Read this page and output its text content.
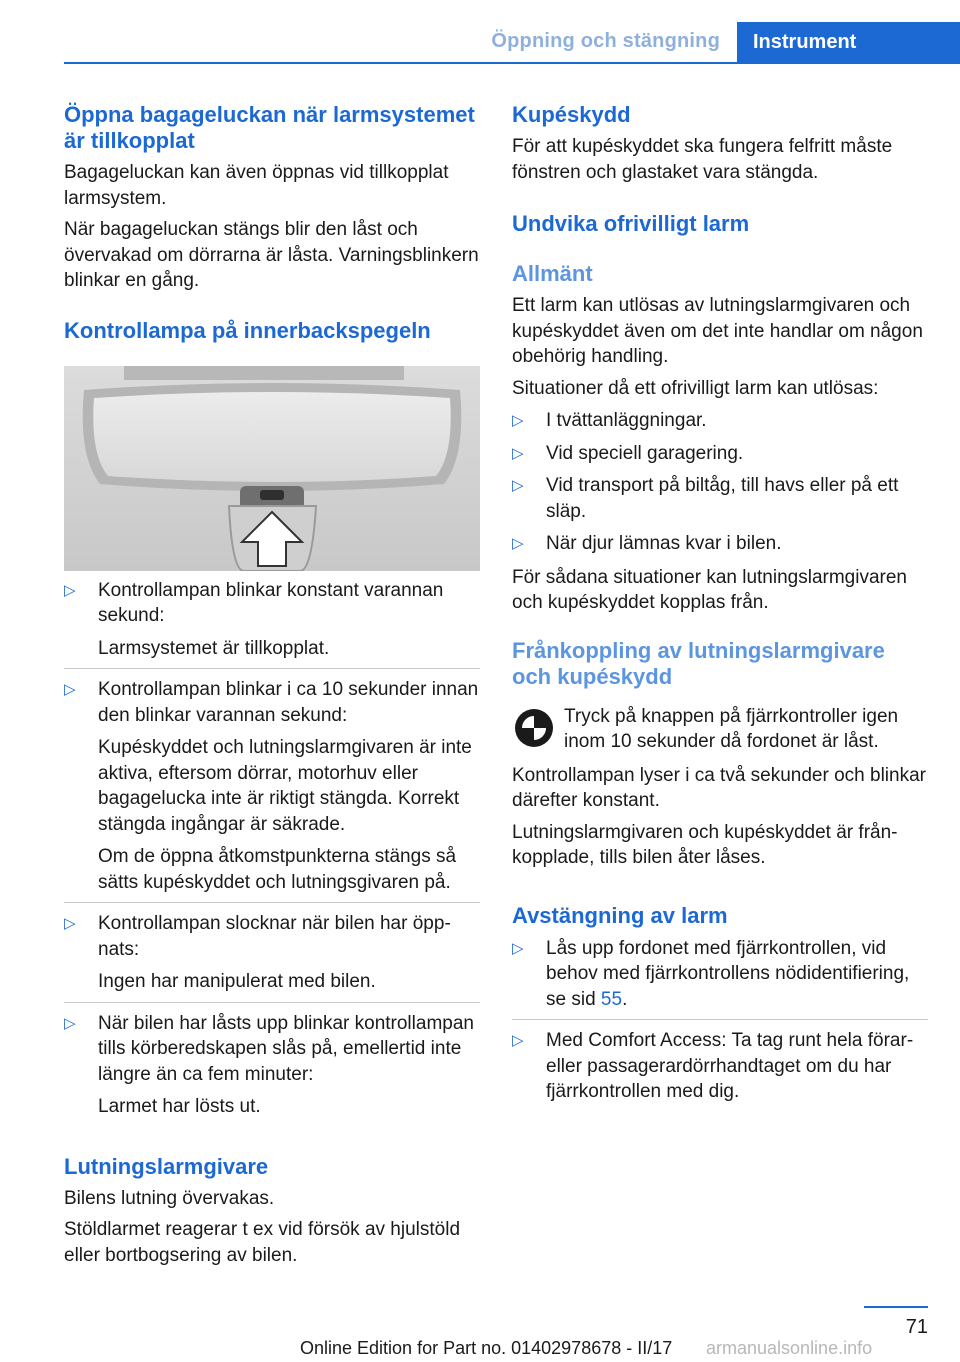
Öppning och stängning	Instrument
Öppna bagageluckan när larmsystemet är tillkopplat

Bagageluckan kan även öppnas vid tillkopplat larmsystem.

När bagageluckan stängs blir den låst och övervakad om dörrarna är låsta. Varningsblinkern blinkar en gång.

Kontrollampa på innerbackspegeln
▷	Kontrollampan blinkar konstant varannan sekund:
Larmsystemet är tillkopplat.
▷	Kontrollampan blinkar i ca 10 sekunder innan den blinkar varannan sekund:
Kupéskyddet och lutningslarmgivaren är inte aktiva, eftersom dörrar, motorhuv eller bagagelucka inte är riktigt stängda. Korrekt stängda ingångar är säkrade.
Om de öppna åtkomstpunkterna stängs så sätts kupéskyddet och lutningsgivaren på.
▷	Kontrollampan slocknar när bilen har öppnats:
Ingen har manipulerat med bilen.
▷	När bilen har låsts upp blinkar kontrollampan tills körberedskapen slås på, emellertid inte längre än ca fem minuter:
Larmet har lösts ut.
Lutningslarmgivare

Bilens lutning övervakas.

Stöldlarmet reagerar t ex vid försök av hjulstöld eller bortbogsering av bilen.

Kupéskydd

För att kupéskyddet ska fungera felfritt måste fönstren och glastaket vara stängda.

Undvika ofrivilligt larm
Allmänt

Ett larm kan utlösas av lutningslarmgivaren och kupéskyddet även om det inte handlar om någon obehörig handling.

Situationer då ett ofrivilligt larm kan utlösas:

▷	I tvättanläggningar.
▷	Vid speciell garagering.
▷	Vid transport på biltåg, till havs eller på ett släp.
▷	När djur lämnas kvar i bilen.

För sådana situationer kan lutningslarmgivaren och kupéskyddet kopplas från.

Frånkoppling av lutningslarmgivare och kupéskydd
Tryck på knappen på fjärrkontroller igen inom 10 sekunder då fordonet är låst.

Kontrollampan lyser i ca två sekunder och blinkar därefter konstant.

Lutningslarmgivaren och kupéskyddet är frånkopplade, tills bilen åter låses.

Avstängning av larm
▷	Lås upp fordonet med fjärrkontrollen, vid behov med fjärrkontrollens nödidentifiering, se sid 55.
▷	Med Comfort Access: Ta tag runt hela förar- eller passagerardörrhandtaget om du har fjärrkontrollen med dig.
71
Online Edition for Part no. 01402978678 - II/17 armanualsonline.info
